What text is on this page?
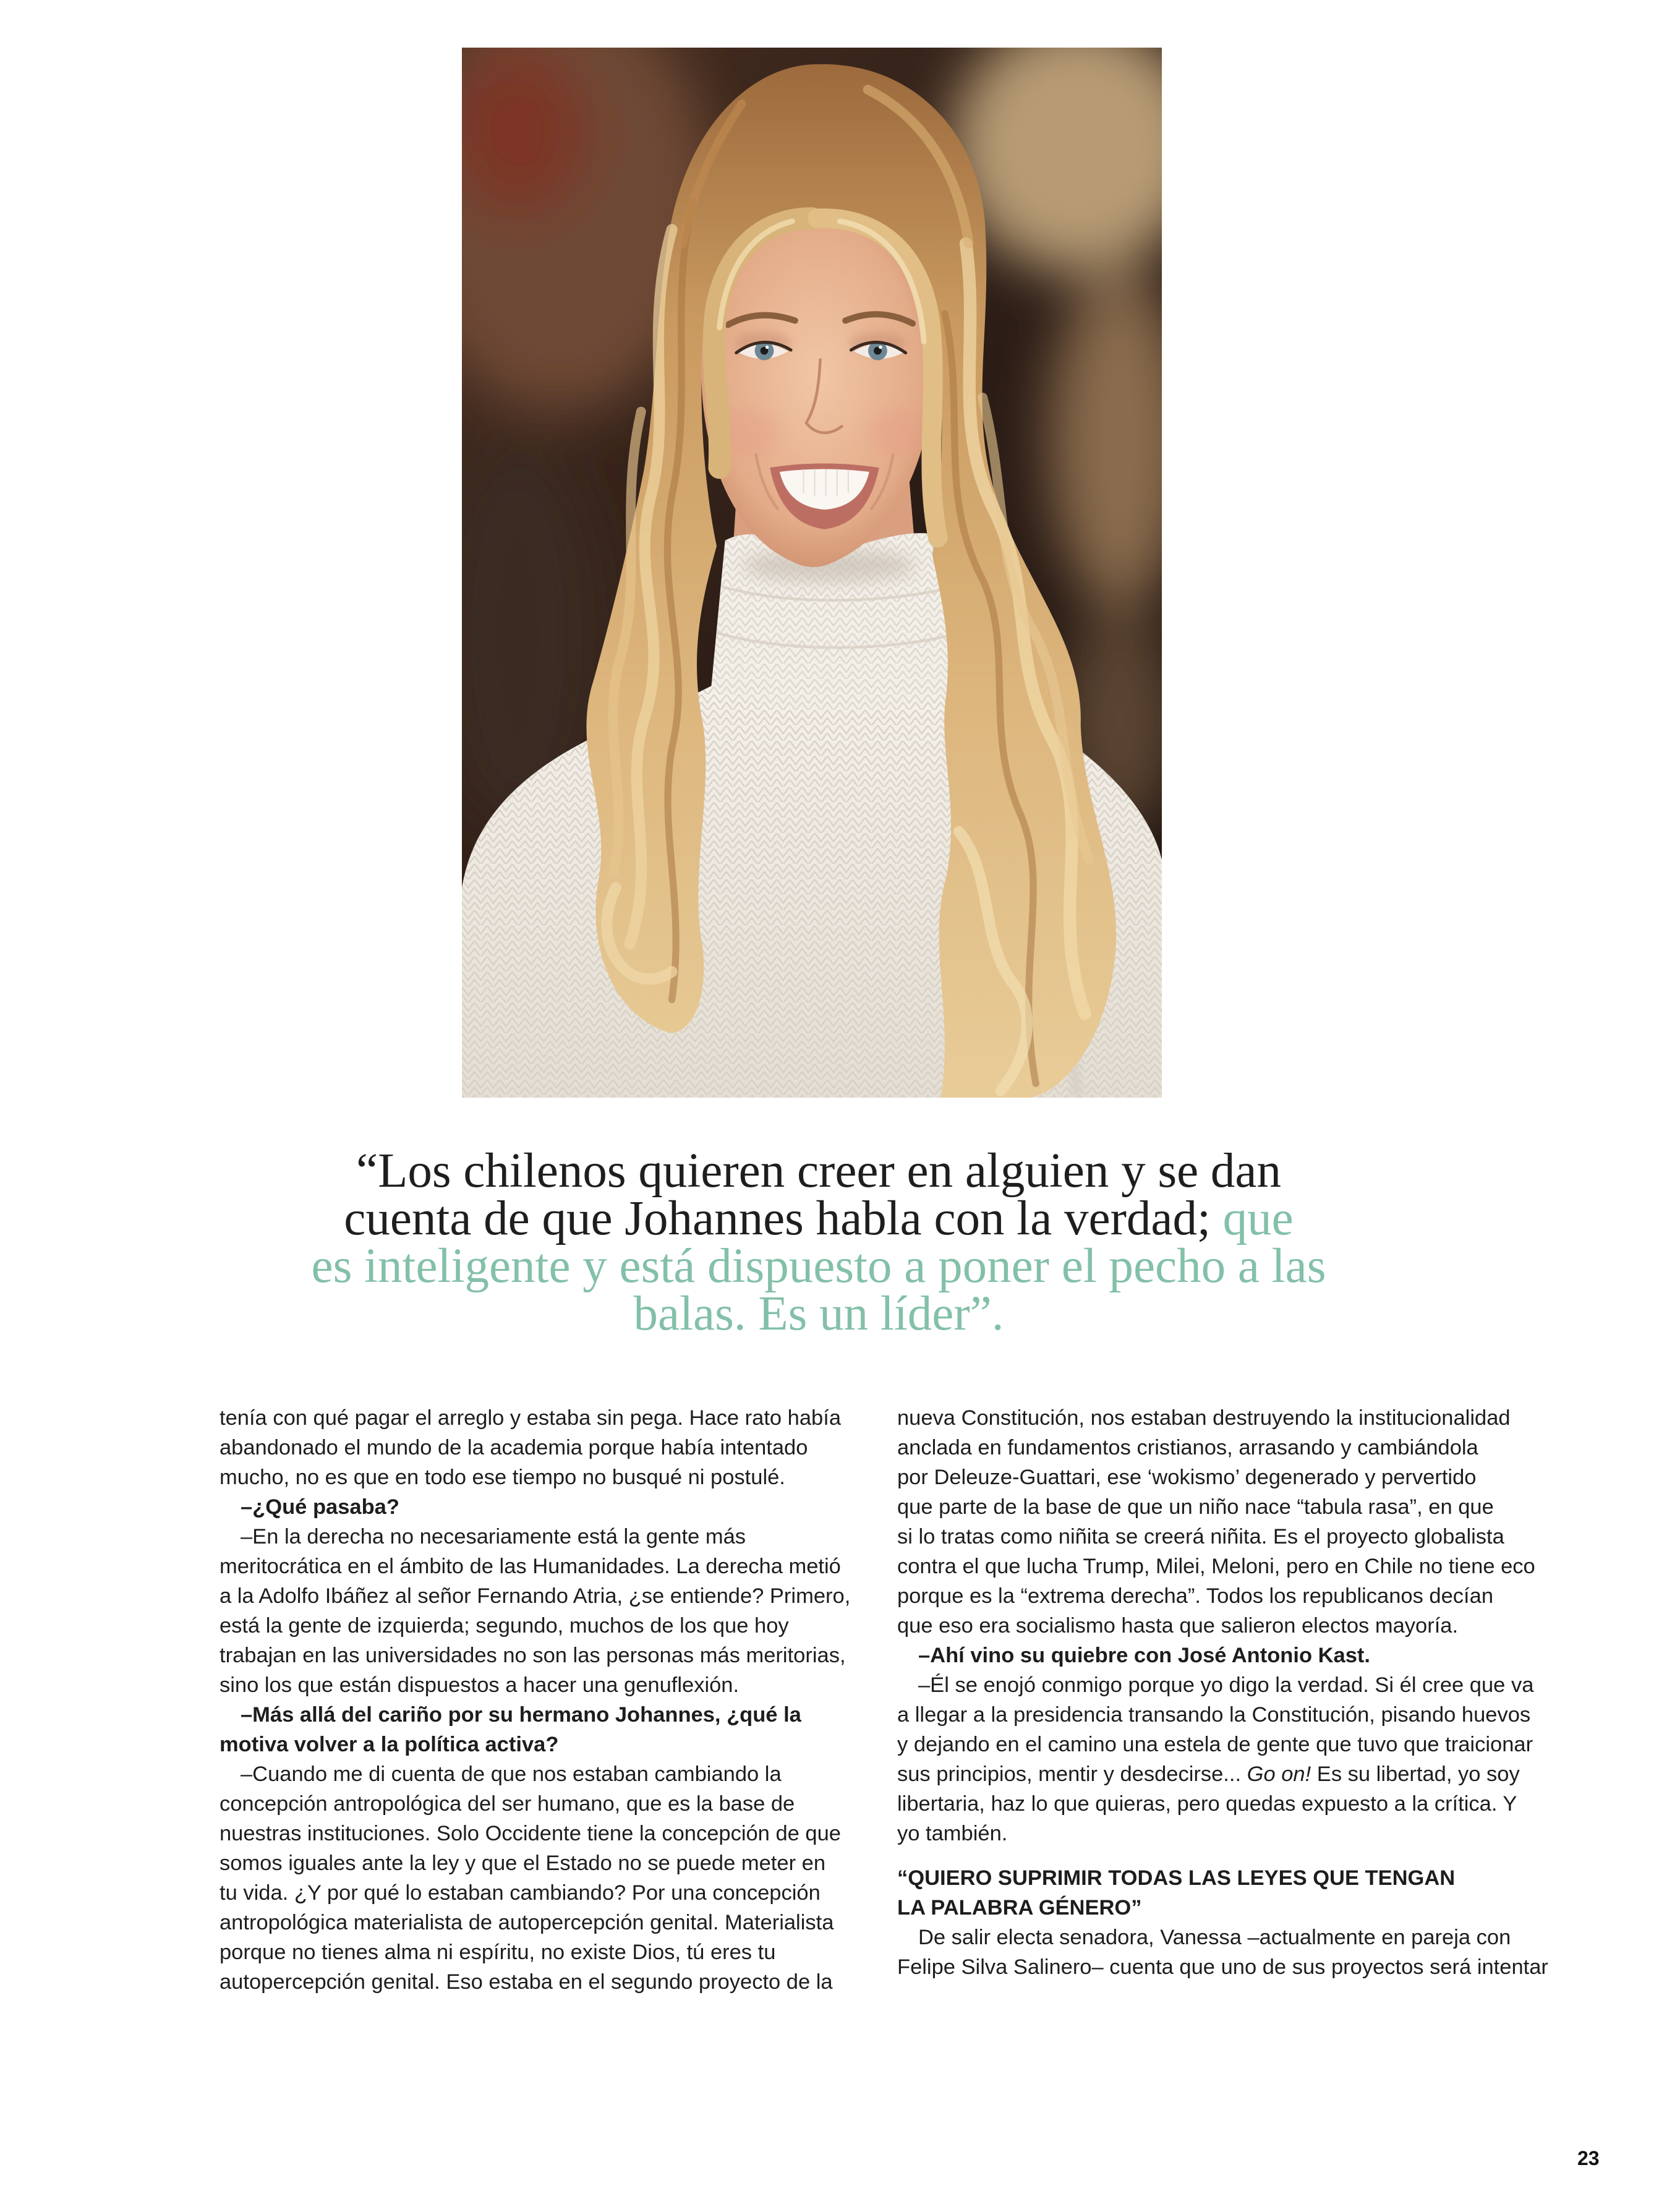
“Los chilenos quieren creer en alguien y se dan
cuenta de que Johannes habla con la verdad; que
es inteligente y está dispuesto a poner el pecho a las
balas. Es un líder”.
tenía con qué pagar el arreglo y estaba sin pega. Hace rato había
abandonado el mundo de la academia porque había intentado
mucho, no es que en todo ese tiempo no busqué ni postulé.
–¿Qué pasaba?
–En la derecha no necesariamente está la gente más
meritocrática en el ámbito de las Humanidades. La derecha metió
a la Adolfo Ibáñez al señor Fernando Atria, ¿se entiende? Primero,
está la gente de izquierda; segundo, muchos de los que hoy
trabajan en las universidades no son las personas más meritorias,
sino los que están dispuestos a hacer una genuflexión.
–Más allá del cariño por su hermano Johannes, ¿qué la
motiva volver a la política activa?
–Cuando me di cuenta de que nos estaban cambiando la
concepción antropológica del ser humano, que es la base de
nuestras instituciones. Solo Occidente tiene la concepción de que
somos iguales ante la ley y que el Estado no se puede meter en
tu vida. ¿Y por qué lo estaban cambiando? Por una concepción
antropológica materialista de autopercepción genital. Materialista
porque no tienes alma ni espíritu, no existe Dios, tú eres tu
autopercepción genital. Eso estaba en el segundo proyecto de la
nueva Constitución, nos estaban destruyendo la institucionalidad
anclada en fundamentos cristianos, arrasando y cambiándola
por Deleuze-Guattari, ese ‘wokismo’ degenerado y pervertido
que parte de la base de que un niño nace “tabula rasa”, en que
si lo tratas como niñita se creerá niñita. Es el proyecto globalista
contra el que lucha Trump, Milei, Meloni, pero en Chile no tiene eco
porque es la “extrema derecha”. Todos los republicanos decían
que eso era socialismo hasta que salieron electos mayoría.
–Ahí vino su quiebre con José Antonio Kast.
–Él se enojó conmigo porque yo digo la verdad. Si él cree que va
a llegar a la presidencia transando la Constitución, pisando huevos
y dejando en el camino una estela de gente que tuvo que traicionar
sus principios, mentir y desdecirse... Go on! Es su libertad, yo soy
libertaria, haz lo que quieras, pero quedas expuesto a la crítica. Y
yo también.
“QUIERO SUPRIMIR TODAS LAS LEYES QUE TENGAN
LA PALABRA GÉNERO”
De salir electa senadora, Vanessa –actualmente en pareja con
Felipe Silva Salinero– cuenta que uno de sus proyectos será intentar
23
